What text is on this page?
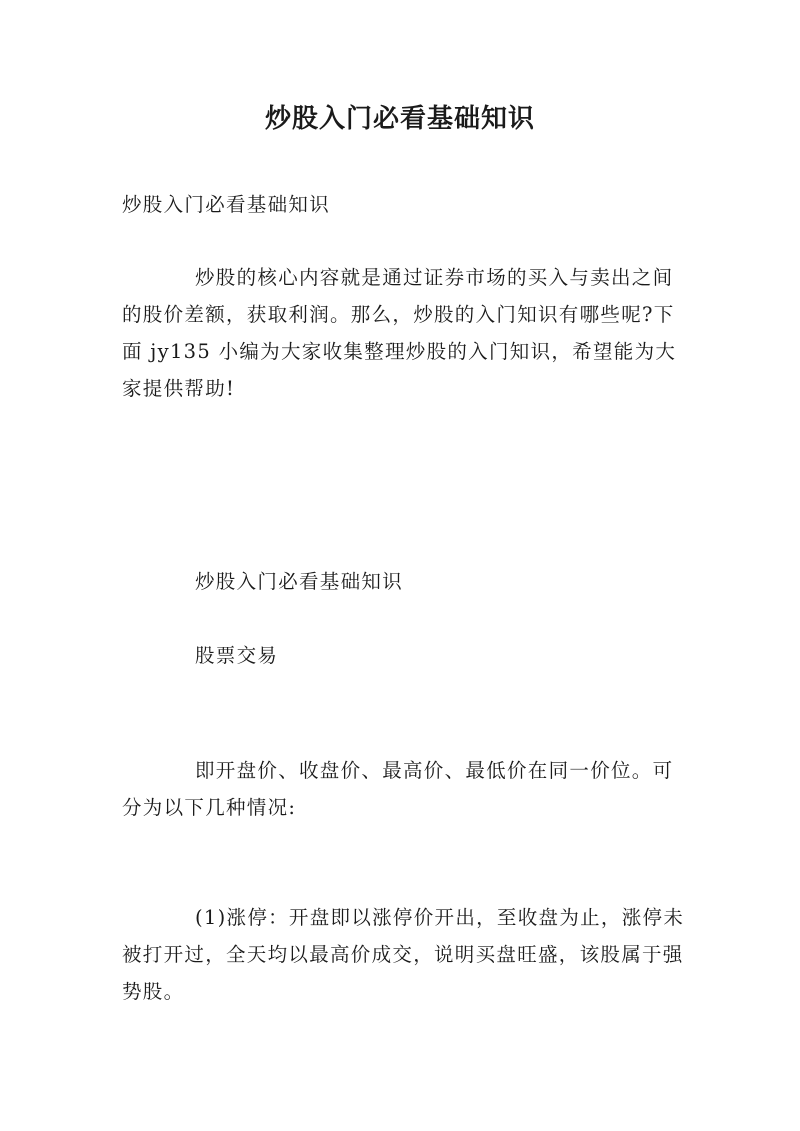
炒股入门必看基础知识

炒股入门必看基础知识

炒股的核心内容就是通过证券市场的买入与卖出之间的股价差额，获取利润。那么，炒股的入门知识有哪些呢?下面 jy135 小编为大家收集整理炒股的入门知识，希望能为大家提供帮助!

炒股入门必看基础知识

股票交易

即开盘价、收盘价、最高价、最低价在同一价位。可分为以下几种情况:

(1)涨停：开盘即以涨停价开出，至收盘为止，涨停未被打开过，全天均以最高价成交，说明买盘旺盛，该股属于强势股。
